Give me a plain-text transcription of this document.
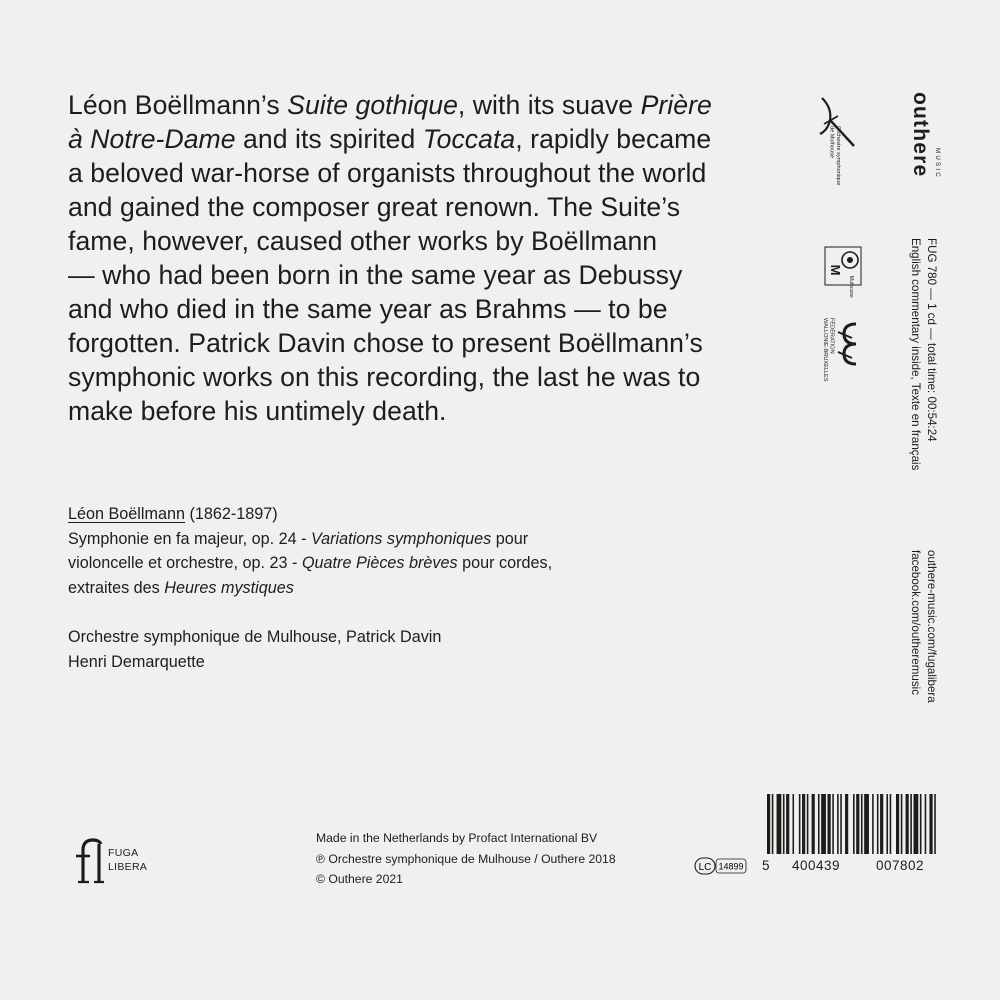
Léon Boëllmann’s Suite gothique, with its suave Prière
à Notre-Dame and its spirited Toccata, rapidly became
a beloved war-horse of organists throughout the world
and gained the composer great renown. The Suite’s
fame, however, caused other works by Boëllmann
— who had been born in the same year as Debussy
and who died in the same year as Brahms — to be
forgotten. Patrick Davin chose to present Boëllmann’s
symphonic works on this recording, the last he was to
make before his untimely death.

Léon Boëllmann (1862-1897)
Symphonie en fa majeur, op. 24 - Variations symphoniques pour
violoncelle et orchestre, op. 23 - Quatre Pièces brèves pour cordes,
extraites des Heures mystiques
Orchestre symphonique de Mulhouse, Patrick Davin
Henri Demarquette
FUGA
LIBERA
Made in the Netherlands by Profact International BV
℗ Orchestre symphonique de Mulhouse / Outhere 2018
© Outhere 2021
LC 14899 5 400439	007802
outhere MUSIC
Orchestre symphonique
de Mulhouse
M
Mulhouse
FÉDÉRATION
WALLONIE-BRUXELLES	FUG 780 — 1 cd — total time: 00:54:24
English commentary inside, Texte en français
outhere-music.com/fugalibera
facebook.com/outheremusic
